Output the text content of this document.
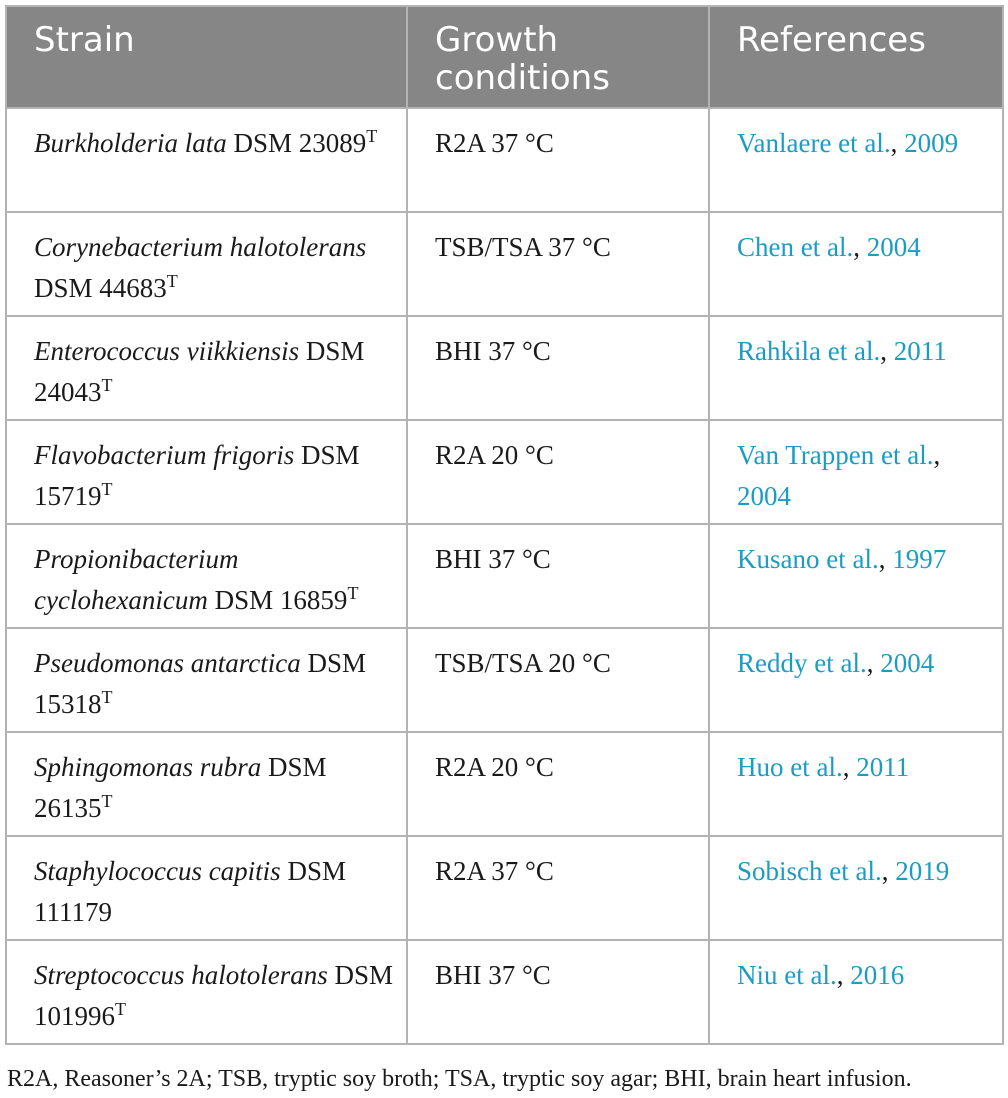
Strain	Growth conditions	References
Burkholderia lata DSM $23089^T$	R2A 37 °C	Vanlaere et al., 2009
Corynebacterium halotolerans DSM $44683^T$	TSB/TSA 37 °C	Chen et al., 2004
Enterococcus viikkiensis DSM $24043^T$	BHI 37 °C	Rahkila et al., 2011
Flavobacterium frigoris DSM $15719^T$	R2A 20 °C	Van Trappen et al., 2004
Propionibacterium cyclohexanicum DSM $16859^T$	BHI 37 °C	Kusano et al., 1997
Pseudomonas antarctica DSM $15318^T$	TSB/TSA 20 °C	Reddy et al., 2004
Sphingomonas rubra DSM $26135^T$	R2A 20 °C	Huo et al., 2011
Staphylococcus capitis DSM 111179	R2A 37 °C	Sobisch et al., 2019
Streptococcus halotolerans DSM $101996^T$	BHI 37 °C	Niu et al., 2016
R2A, Reasoner’s 2A; TSB, tryptic soy broth; TSA, tryptic soy agar; BHI, brain heart infusion.
